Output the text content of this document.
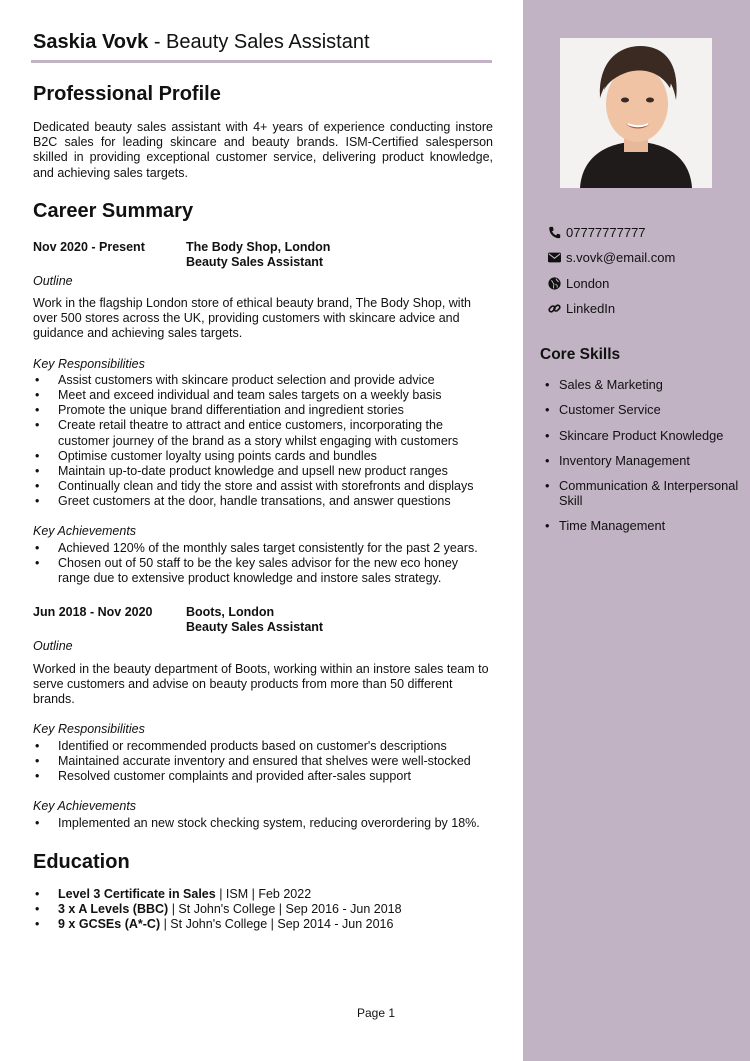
07777777777
s.vovk@email.com
London
LinkedIn
Core Skills
• Sales & Marketing
• Customer Service
• Skincare Product Knowledge
• Inventory Management
• Communication & Interpersonal Skill
• Time Management
Saskia Vovk - Beauty Sales Assistant
Professional Profile

Dedicated beauty sales assistant with 4+ years of experience conducting instore B2C sales for leading skincare and beauty brands. ISM-Certified salesperson skilled in providing exceptional customer service, delivering product knowledge, and achieving sales targets.

Career Summary
Nov 2020 - Present	The Body Shop, London
Beauty Sales Assistant
Outline

Work in the flagship London store of ethical beauty brand, The Body Shop, with over 500 stores across the UK, providing customers with skincare advice and guidance and achieving sales targets.

Key Responsibilities
• Assist customers with skincare product selection and provide advice
• Meet and exceed individual and team sales targets on a weekly basis
• Promote the unique brand differentiation and ingredient stories
• Create retail theatre to attract and entice customers, incorporating the customer journey of the brand as a story whilst engaging with customers
• Optimise customer loyalty using points cards and bundles
• Maintain up-to-date product knowledge and upsell new product ranges
• Continually clean and tidy the store and assist with storefronts and displays
• Greet customers at the door, handle transations, and answer questions
Key Achievements
• Achieved 120% of the monthly sales target consistently for the past 2 years.
• Chosen out of 50 staff to be the key sales advisor for the new eco honey range due to extensive product knowledge and instore sales strategy.
Jun 2018 - Nov 2020	Boots, London
Beauty Sales Assistant
Outline

Worked in the beauty department of Boots, working within an instore sales team to serve customers and advise on beauty products from more than 50 different brands.

Key Responsibilities
• Identified or recommended products based on customer's descriptions
• Maintained accurate inventory and ensured that shelves were well-stocked
• Resolved customer complaints and provided after-sales support
Key Achievements
• Implemented an new stock checking system, reducing overordering by 18%.
Education
• Level 3 Certificate in Sales | ISM | Feb 2022
• 3 x A Levels (BBC) | St John's College | Sep 2016 - Jun 2018
• 9 x GCSEs (A*-C) | St John's College | Sep 2014 - Jun 2016
Page 1
